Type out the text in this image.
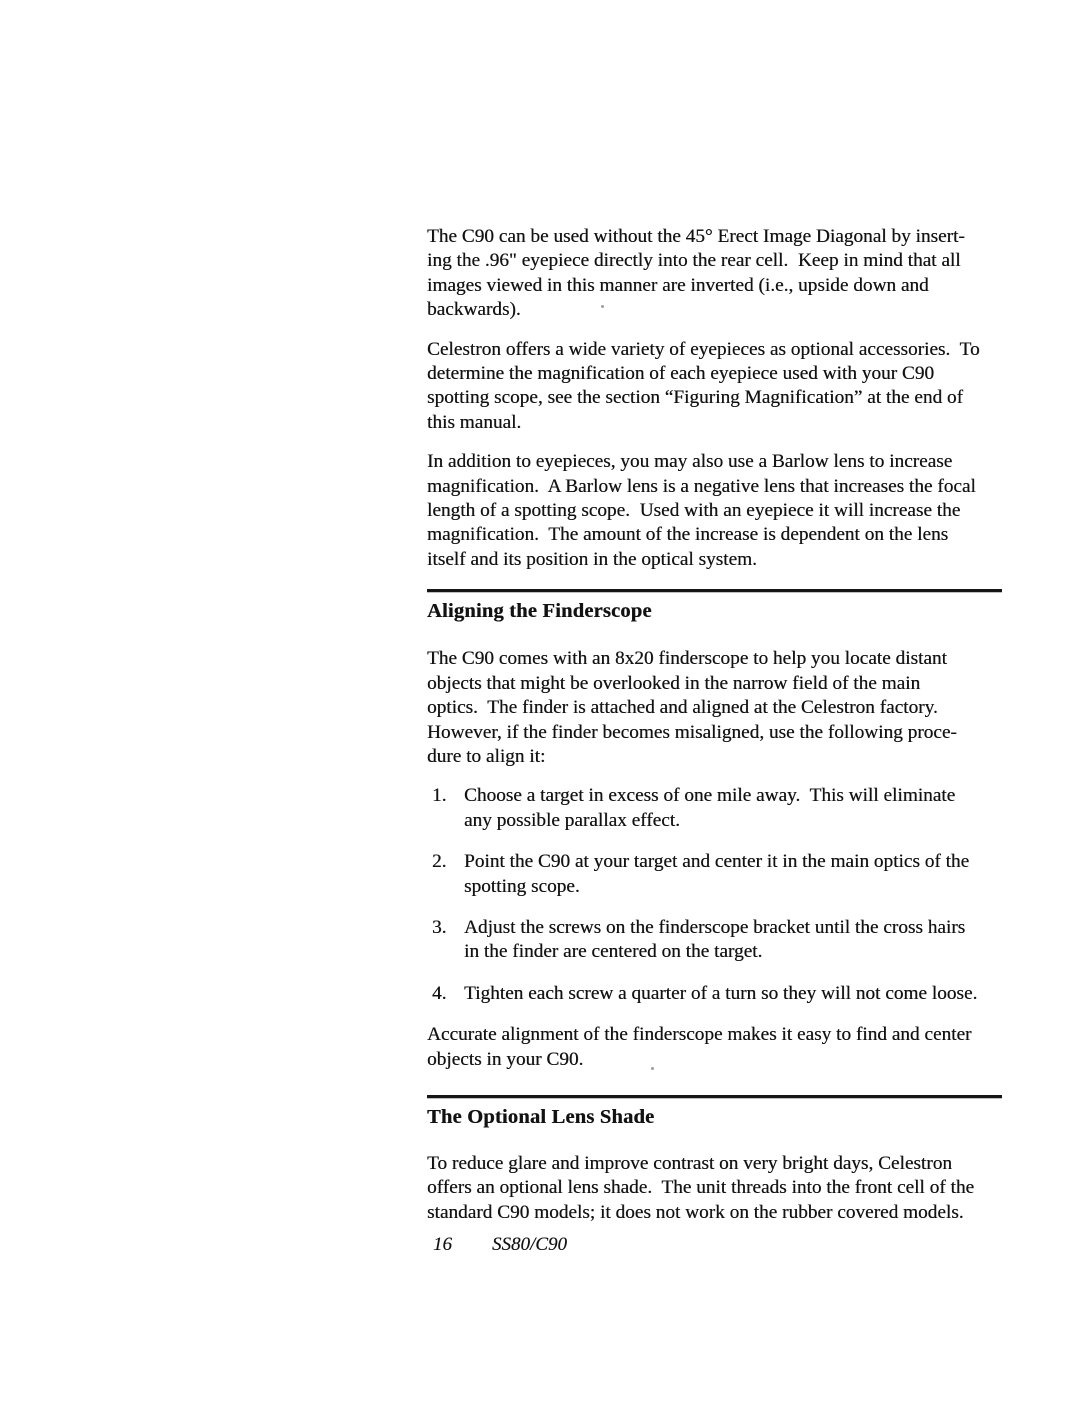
The C90 can be used without the 45° Erect Image Diagonal by insert-
ing the .96" eyepiece directly into the rear cell.  Keep in mind that all
images viewed in this manner are inverted (i.e., upside down and
backwards).
Celestron offers a wide variety of eyepieces as optional accessories.  To
determine the magnification of each eyepiece used with your C90
spotting scope, see the section “Figuring Magnification” at the end of
this manual.
In addition to eyepieces, you may also use a Barlow lens to increase
magnification.  A Barlow lens is a negative lens that increases the focal
length of a spotting scope.  Used with an eyepiece it will increase the
magnification.  The amount of the increase is dependent on the lens
itself and its position in the optical system.
Aligning the Finderscope
The C90 comes with an 8x20 finderscope to help you locate distant
objects that might be overlooked in the narrow field of the main
optics.  The finder is attached and aligned at the Celestron factory.
However, if the finder becomes misaligned, use the following proce-
dure to align it:
1. Choose a target in excess of one mile away.  This will eliminate
any possible parallax effect.
2. Point the C90 at your target and center it in the main optics of the
spotting scope.
3. Adjust the screws on the finderscope bracket until the cross hairs
in the finder are centered on the target.
4. Tighten each screw a quarter of a turn so they will not come loose.
Accurate alignment of the finderscope makes it easy to find and center
objects in your C90.
The Optional Lens Shade
To reduce glare and improve contrast on very bright days, Celestron
offers an optional lens shade.  The unit threads into the front cell of the
standard C90 models; it does not work on the rubber covered models.
16 SS80/C90
